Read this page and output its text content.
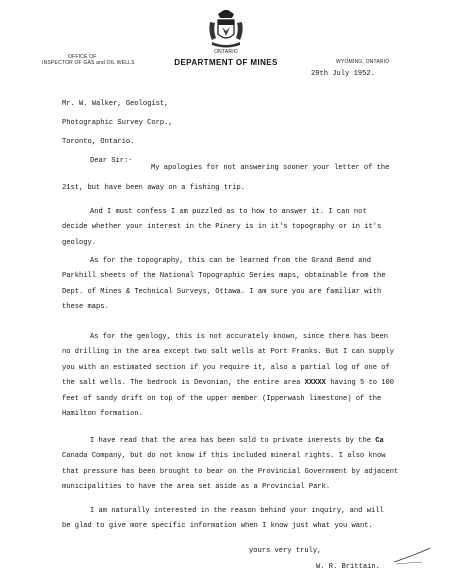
ONTARIO
DEPARTMENT OF MINES
OFFICE OF
INSPECTOR OF GAS and OIL WELLS	WYOMING, ONTARIO
29th July 1952.
Mr. W. Walker, Geologist,
Photographic Survey Corp.,
Toronto, Ontario.
Dear Sir:-
My apologies for not answering sooner your letter of the
21st, but have been away on a fishing trip.
And I must confess I am puzzled as to how to answer it. I can not
decide whether your interest in the Pinery is in it's topography or in it's geology.
As for the topography, this can be learned from the Grand Bend and
Parkhill sheets of the National Topographic Series maps, obtainable from the Dept. of Mines & Technical Surveys, Ottawa. I am sure you are familiar with these maps.
As for the geology, this is not accurately known, since there has been
no drilling in the area except two salt wells at Port Franks. But I can supply you with an estimated section if you require it, also a partial log of one of the salt wells. The bedrock is Devonian, the entire area XXXXX having 5 to 100 feet of sandy drift on top of the upper member (Ipperwash limestone) of the Hamilton formation.
I have read that the area has been sold to private inerests by the Ca
Canada Company, but do not know if this included mineral rights. I also know that pressure has been brought to bear on the Provincial Government by adjacent municipalities to have the area set aside as a Provincial Park.
I am naturally interested in the reason behind your inquiry, and will
be glad to give more specific information when I know just what you want.
yours very truly,
W. R. Brittain.
